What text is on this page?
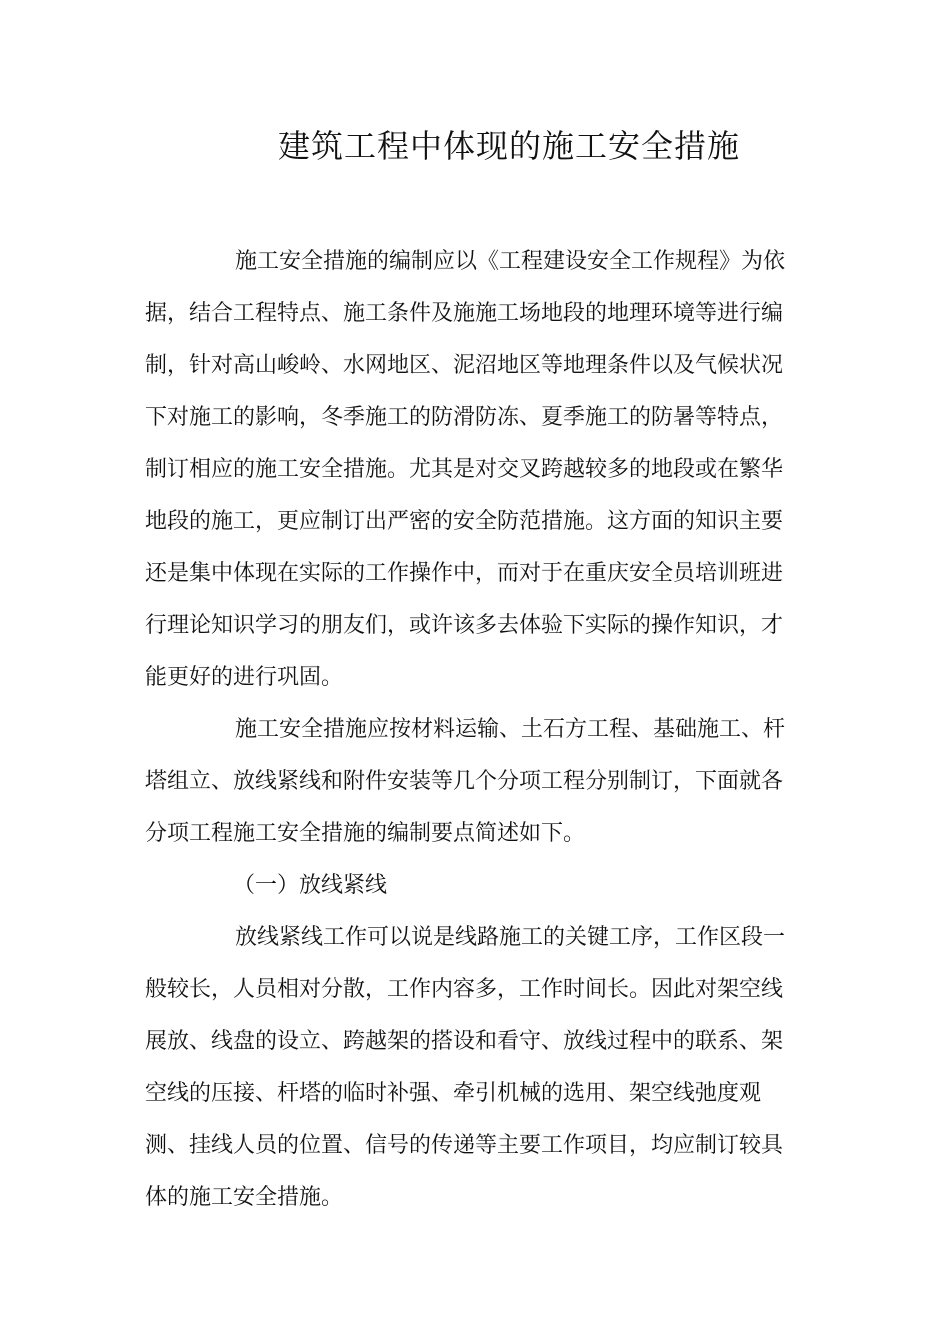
建筑工程中体现的施工安全措施

施工安全措施的编制应以《工程建设安全工作规程》为依

据，结合工程特点、施工条件及施施工场地段的地理环境等进行编

制，针对高山峻岭、水网地区、泥沼地区等地理条件以及气候状况

下对施工的影响，冬季施工的防滑防冻、夏季施工的防暑等特点，

制订相应的施工安全措施。尤其是对交叉跨越较多的地段或在繁华

地段的施工，更应制订出严密的安全防范措施。这方面的知识主要

还是集中体现在实际的工作操作中，而对于在重庆安全员培训班进

行理论知识学习的朋友们，或许该多去体验下实际的操作知识，才

能更好的进行巩固。

施工安全措施应按材料运输、土石方工程、基础施工、杆

塔组立、放线紧线和附件安装等几个分项工程分别制订，下面就各

分项工程施工安全措施的编制要点简述如下。

（一）放线紧线

放线紧线工作可以说是线路施工的关键工序，工作区段一

般较长，人员相对分散，工作内容多，工作时间长。因此对架空线

展放、线盘的设立、跨越架的搭设和看守、放线过程中的联系、架

空线的压接、杆塔的临时补强、牵引机械的选用、架空线弛度观

测、挂线人员的位置、信号的传递等主要工作项目，均应制订较具

体的施工安全措施。
